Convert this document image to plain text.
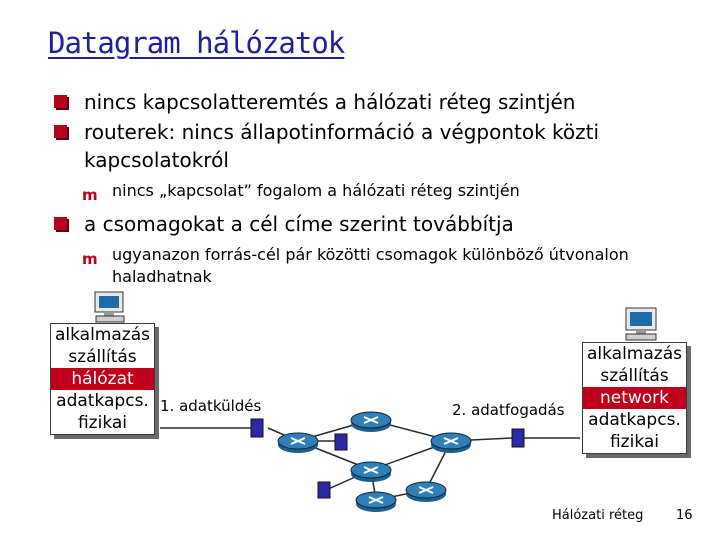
Datagram hálózatok
nincs kapcsolatteremtés a hálózati réteg szintjén
routerek: nincs állapotinformáció a végpontok közti kapcsolatokról
m nincs „kapcsolat” fogalom a hálózati réteg szintjén
a csomagokat a cél címe szerint továbbítja
m ugyanazon forrás-cél pár közötti csomagok különböző útvonalon haladhatnak
alkalmazás
szállítás
hálózat
adatkapcs.
fizikai
alkalmazás
szállítás
network
adatkapcs.
fizikai
1. adatküldés	2. adatfogadás
Hálózati réteg	16
